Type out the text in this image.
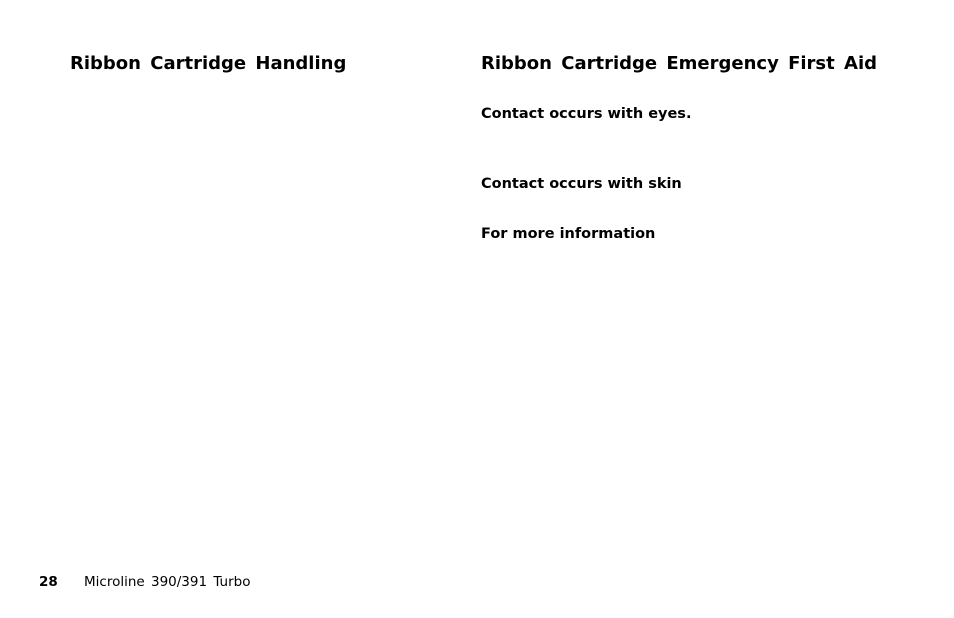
Ribbon Cartridge Handling	Ribbon Cartridge Emergency First Aid
Contact occurs with eyes.
Contact occurs with skin
For more information
28 Microline 390/391 Turbo
